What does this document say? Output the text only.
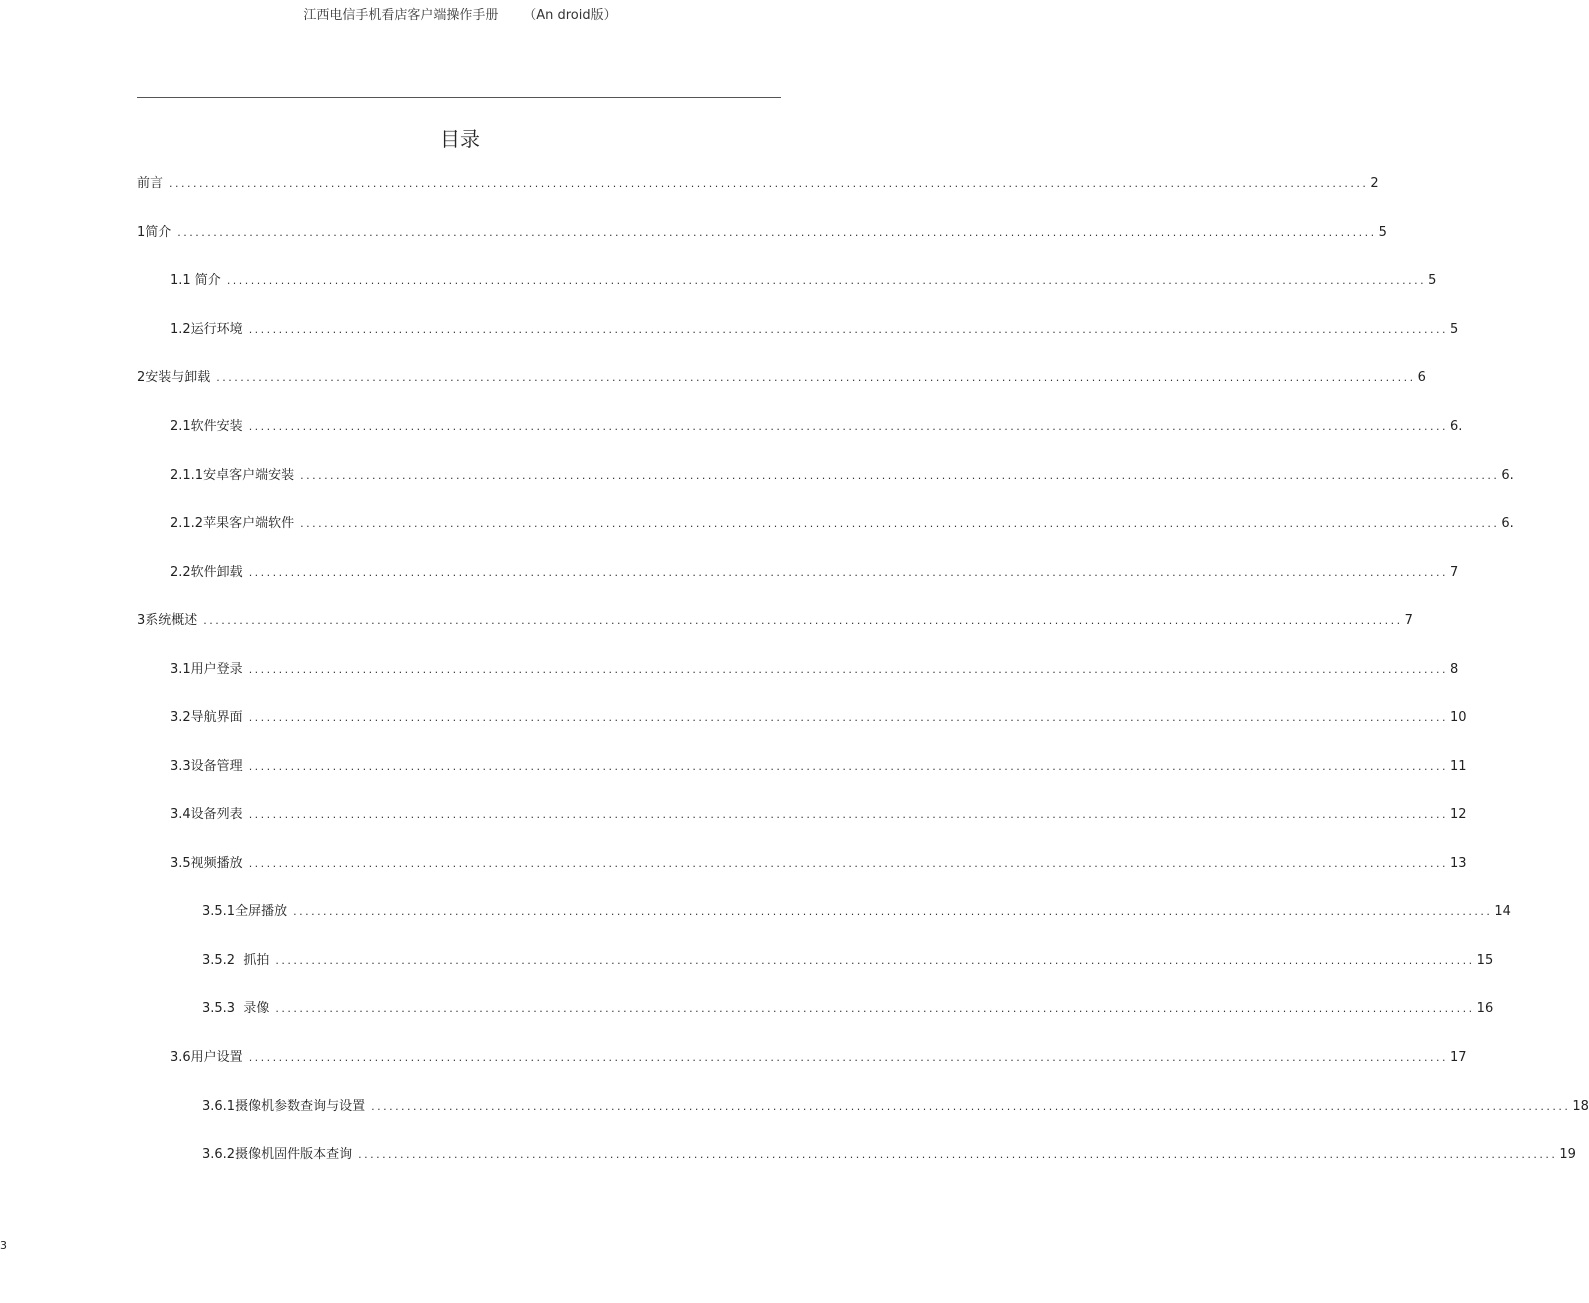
江西电信手机看店客户端操作手册 （An droid版）
目录
前言 ........................................................................................................................................................................................................ 2
1简介 ........................................................................................................................................................................................................ 5
1.1 简介 ........................................................................................................................................................................................................ 5
1.2运行环境 ........................................................................................................................................................................................................ 5
2安装与卸载 ........................................................................................................................................................................................................ 6
2.1软件安装 ........................................................................................................................................................................................................ 6.
2.1.1安卓客户端安装 ........................................................................................................................................................................................................ 6.
2.1.2苹果客户端软件 ........................................................................................................................................................................................................ 6.
2.2软件卸载 ........................................................................................................................................................................................................ 7
3系统概述 ........................................................................................................................................................................................................ 7
3.1用户登录 ........................................................................................................................................................................................................ 8
3.2导航界面 ........................................................................................................................................................................................................ 10
3.3设备管理 ........................................................................................................................................................................................................ 11
3.4设备列表 ........................................................................................................................................................................................................ 12
3.5视频播放 ........................................................................................................................................................................................................ 13
3.5.1全屏播放 ........................................................................................................................................................................................................ 14
3.5.2  抓拍 ........................................................................................................................................................................................................ 15
3.5.3  录像 ........................................................................................................................................................................................................ 16
3.6用户设置 ........................................................................................................................................................................................................ 17
3.6.1摄像机参数查询与设置 ........................................................................................................................................................................................................ 18
3.6.2摄像机固件版本查询 ........................................................................................................................................................................................................ 19
3
